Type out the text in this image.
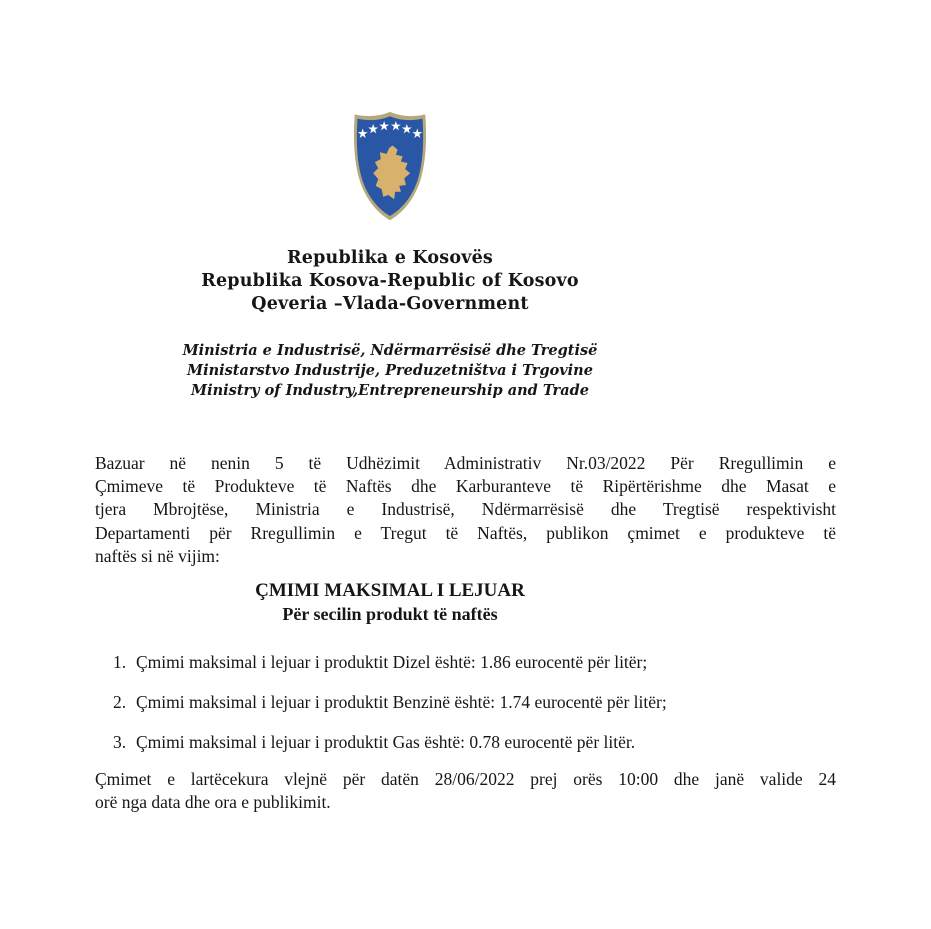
Republika e Kosovës
Republika Kosova-Republic of Kosovo
Qeveria –Vlada-Government
Ministria e Industrisë, Ndërmarrësisë dhe Tregtisë
Ministarstvo Industrije, Preduzetništva i Trgovine
Ministry of Industry,Entrepreneurship and Trade
Bazuar në nenin 5 të Udhëzimit Administrativ Nr.03/2022 Për Rregullimin e
Çmimeve të Produkteve të Naftës dhe Karburanteve të Ripërtërishme dhe Masat e
tjera Mbrojtëse, Ministria e Industrisë, Ndërmarrësisë dhe Tregtisë respektivisht
Departamenti për Rregullimin e Tregut të Naftës, publikon çmimet e produkteve të
naftës si në vijim:
ÇMIMI MAKSIMAL I LEJUAR
Për secilin produkt të naftës
1. Çmimi maksimal i lejuar i produktit Dizel është: 1.86 eurocentë për litër;
2. Çmimi maksimal i lejuar i produktit Benzinë është: 1.74 eurocentë për litër;
3. Çmimi maksimal i lejuar i produktit Gas është: 0.78 eurocentë për litër.
Çmimet e lartëcekura vlejnë për datën 28/06/2022 prej orës 10:00 dhe janë valide 24
orë nga data dhe ora e publikimit.
